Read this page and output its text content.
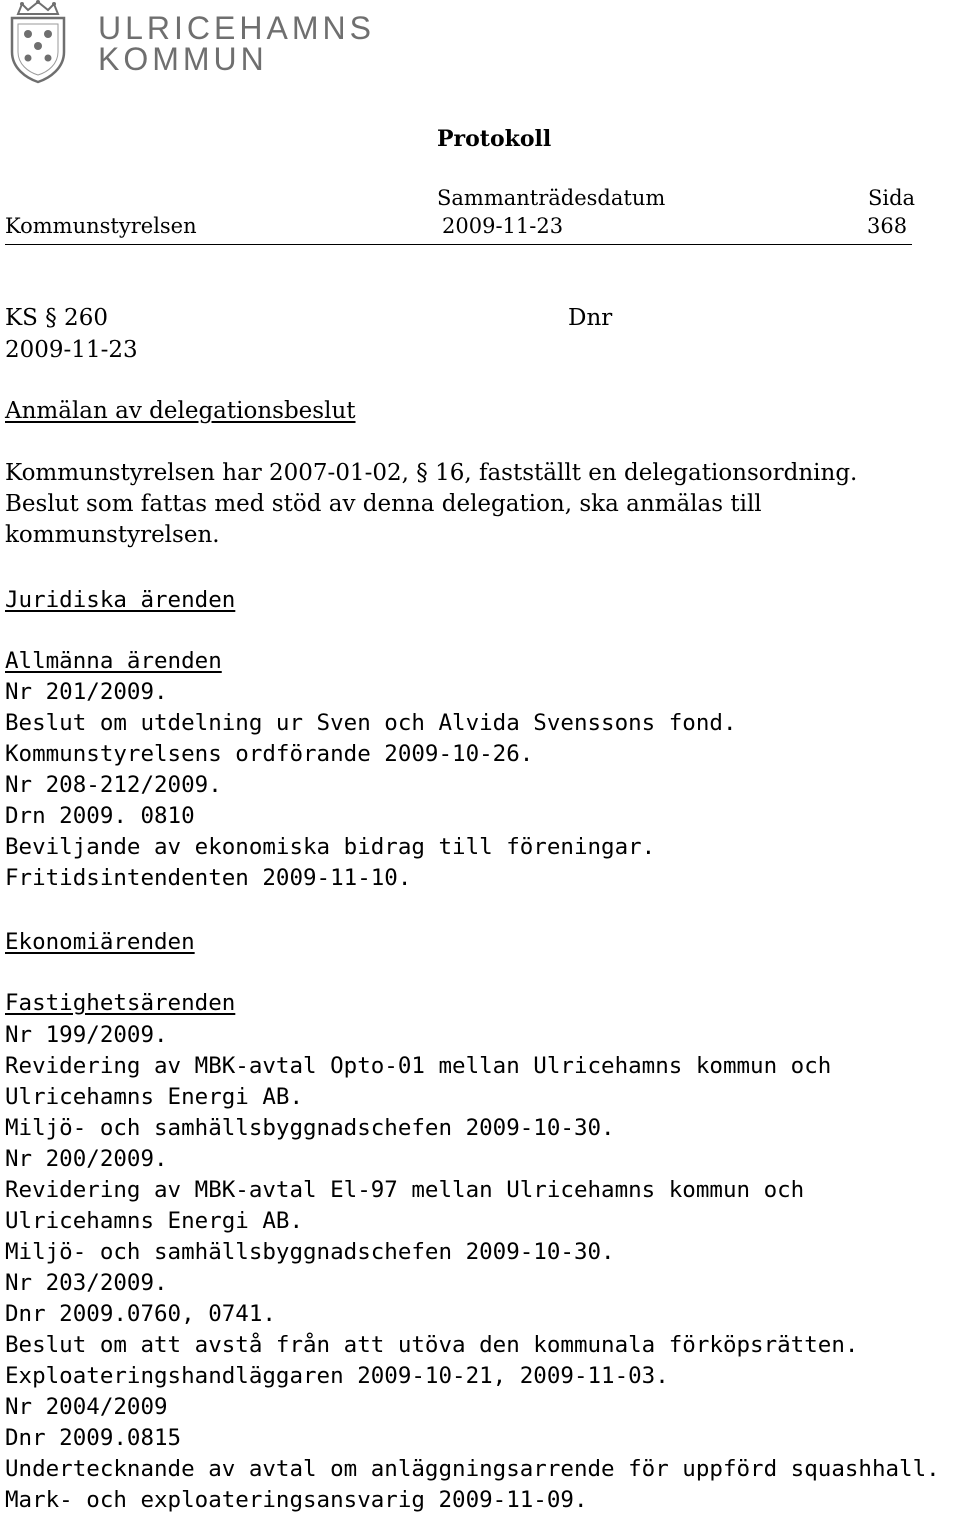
ULRICEHAMNS
KOMMUN
Protokoll
Sammanträdesdatum	Sida
Kommunstyrelsen	2009-11-23	368
KS § 260	Dnr
2009-11-23
Anmälan av delegationsbeslut
Kommunstyrelsen har 2007-01-02, § 16, fastställt en delegationsordning.
Beslut som fattas med stöd av denna delegation, ska anmälas till
kommunstyrelsen.
Juridiska ärenden
Allmänna ärenden
Nr 201/2009.
Beslut om utdelning ur Sven och Alvida Svenssons fond.
Kommunstyrelsens ordförande 2009-10-26.
Nr 208-212/2009.
Drn 2009. 0810
Beviljande av ekonomiska bidrag till föreningar.
Fritidsintendenten 2009-11-10.
Ekonomiärenden
Fastighetsärenden
Nr 199/2009.
Revidering av MBK-avtal Opto-01 mellan Ulricehamns kommun och
Ulricehamns Energi AB.
Miljö- och samhällsbyggnadschefen 2009-10-30.
Nr 200/2009.
Revidering av MBK-avtal El-97 mellan Ulricehamns kommun och
Ulricehamns Energi AB.
Miljö- och samhällsbyggnadschefen 2009-10-30.
Nr 203/2009.
Dnr 2009.0760, 0741.
Beslut om att avstå från att utöva den kommunala förköpsrätten.
Exploateringshandläggaren 2009-10-21, 2009-11-03.
Nr 2004/2009
Dnr 2009.0815
Undertecknande av avtal om anläggningsarrende för uppförd squashhall.
Mark- och exploateringsansvarig 2009-11-09.
